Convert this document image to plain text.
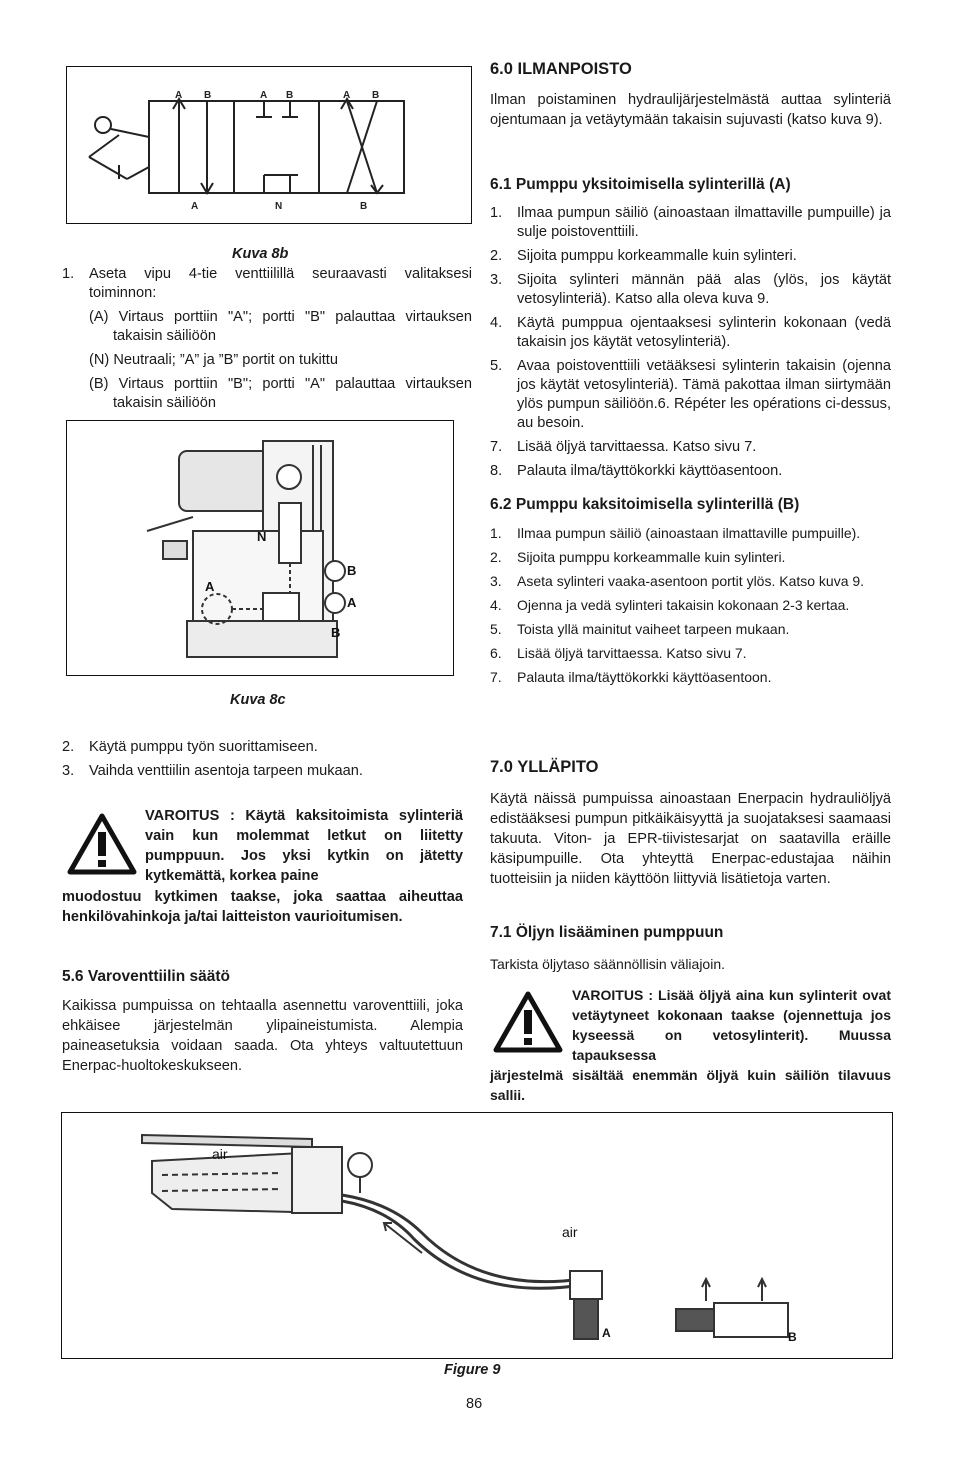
A B	A B	A B
A	N	B
Kuva 8b
1. Aseta vipu 4-tie venttiilillä seuraavasti valitaksesi toiminnon:
(A) Virtaus porttiin "A"; portti "B" palauttaa virtauksen takaisin säiliöön
(N) Neutraali; ”A” ja ”B” portit on tukittu
(B) Virtaus porttiin "B"; portti "A" palauttaa virtauksen takaisin säiliöön
N
B
A
A
B
Kuva 8c
2. Käytä pumppu työn suorittamiseen.
3. Vaihda venttiilin asentoja tarpeen mukaan.
VAROITUS : Käytä kaksitoimista sylinteriä vain kun molemmat letkut on liitetty pumppuun. Jos yksi kytkin on jätetty kytkemättä, korkea paine
muodostuu kytkimen taakse, joka saattaa aiheuttaa henkilövahinkoja ja/tai laitteiston vaurioitumisen.
5.6 Varoventtiilin säätö

Kaikissa pumpuissa on tehtaalla asennettu varoventtiili, joka ehkäisee järjestelmän ylipaineistumista. Alempia paineasetuksia voidaan saada. Ota yhteys valtuutettuun Enerpac-huoltokeskukseen.

6.0 ILMANPOISTO

Ilman poistaminen hydraulijärjestelmästä auttaa sylinteriä ojentumaan ja vetäytymään takaisin sujuvasti (katso kuva 9).

6.1 Pumppu yksitoimisella sylinterillä (A)
1. Ilmaa pumpun säiliö (ainoastaan ilmattaville pumpuille) ja sulje poistoventtiili.
2. Sijoita pumppu korkeammalle kuin sylinteri.
3. Sijoita sylinteri männän pää alas (ylös, jos käytät vetosylinteriä). Katso alla oleva kuva 9.
4. Käytä pumppua ojentaaksesi sylinterin kokonaan (vedä takaisin jos käytät vetosylinteriä).
5. Avaa poistoventtiili vetääksesi sylinterin takaisin (ojenna jos käytät vetosylinteriä). Tämä pakottaa ilman siirtymään ylös pumpun säiliöön.6. Répéter les opérations ci-dessus, au besoin.
7. Lisää öljyä tarvittaessa. Katso sivu 7.
8. Palauta ilma/täyttökorkki käyttöasentoon.
6.2 Pumppu kaksitoimisella sylinterillä (B)
1. Ilmaa pumpun säiliö (ainoastaan ilmattaville pumpuille).
2. Sijoita pumppu korkeammalle kuin sylinteri.
3. Aseta sylinteri vaaka-asentoon portit ylös. Katso kuva 9.
4. Ojenna ja vedä sylinteri takaisin kokonaan 2-3 kertaa.
5. Toista yllä mainitut vaiheet tarpeen mukaan.
6. Lisää öljyä tarvittaessa. Katso sivu 7.
7. Palauta ilma/täyttökorkki käyttöasentoon.
7.0 YLLÄPITO

Käytä näissä pumpuissa ainoastaan Enerpacin hydrauliöljyä edistääksesi pumpun pitkäikäisyyttä ja suojataksesi saamaasi takuuta. Viton- ja EPR-tiivistesarjat on saatavilla eräille käsipumpuille. Ota yhteyttä Enerpac-edustajaa näihin tuotteisiin ja niiden käyttöön liittyviä lisätietoja varten.

7.1 Öljyn lisääminen pumppuun

Tarkista öljytaso säännöllisin väliajoin.

VAROITUS : Lisää öljyä aina kun sylinterit ovat vetäytyneet kokonaan taakse (ojennettuja jos kyseessä on vetosylinterit). Muussa tapauksessa
järjestelmä sisältää enemmän öljyä kuin säiliön tilavuus sallii.
air
air
A	B
Figure 9
86
